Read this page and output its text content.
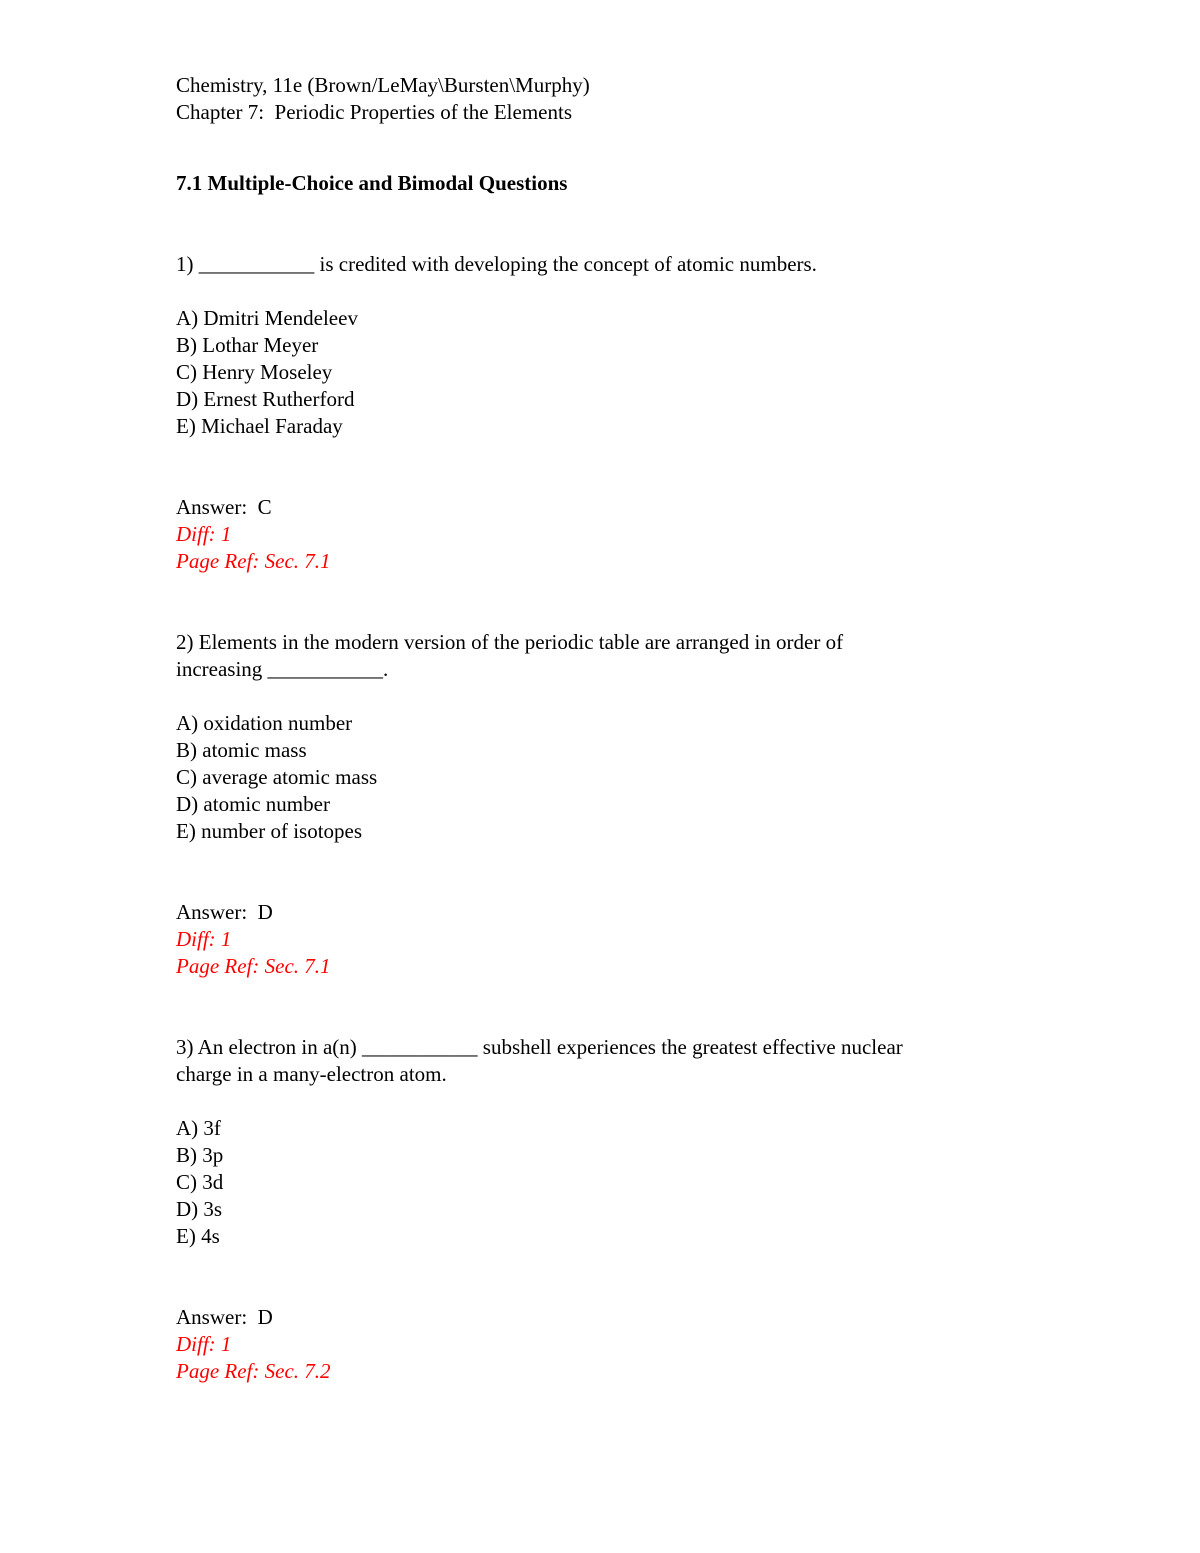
Chemistry, 11e (Brown/LeMay\Bursten\Murphy)
Chapter 7:  Periodic Properties of the Elements
7.1 Multiple-Choice and Bimodal Questions
1) ___________ is credited with developing the concept of atomic numbers.
A) Dmitri Mendeleev
B) Lothar Meyer
C) Henry Moseley
D) Ernest Rutherford
E) Michael Faraday
Answer:  C
Diff: 1
Page Ref: Sec. 7.1
2) Elements in the modern version of the periodic table are arranged in order of
increasing ___________.
A) oxidation number
B) atomic mass
C) average atomic mass
D) atomic number
E) number of isotopes
Answer:  D
Diff: 1
Page Ref: Sec. 7.1
3) An electron in a(n) ___________ subshell experiences the greatest effective nuclear
charge in a many-electron atom.
A) 3f
B) 3p
C) 3d
D) 3s
E) 4s
Answer:  D
Diff: 1
Page Ref: Sec. 7.2
